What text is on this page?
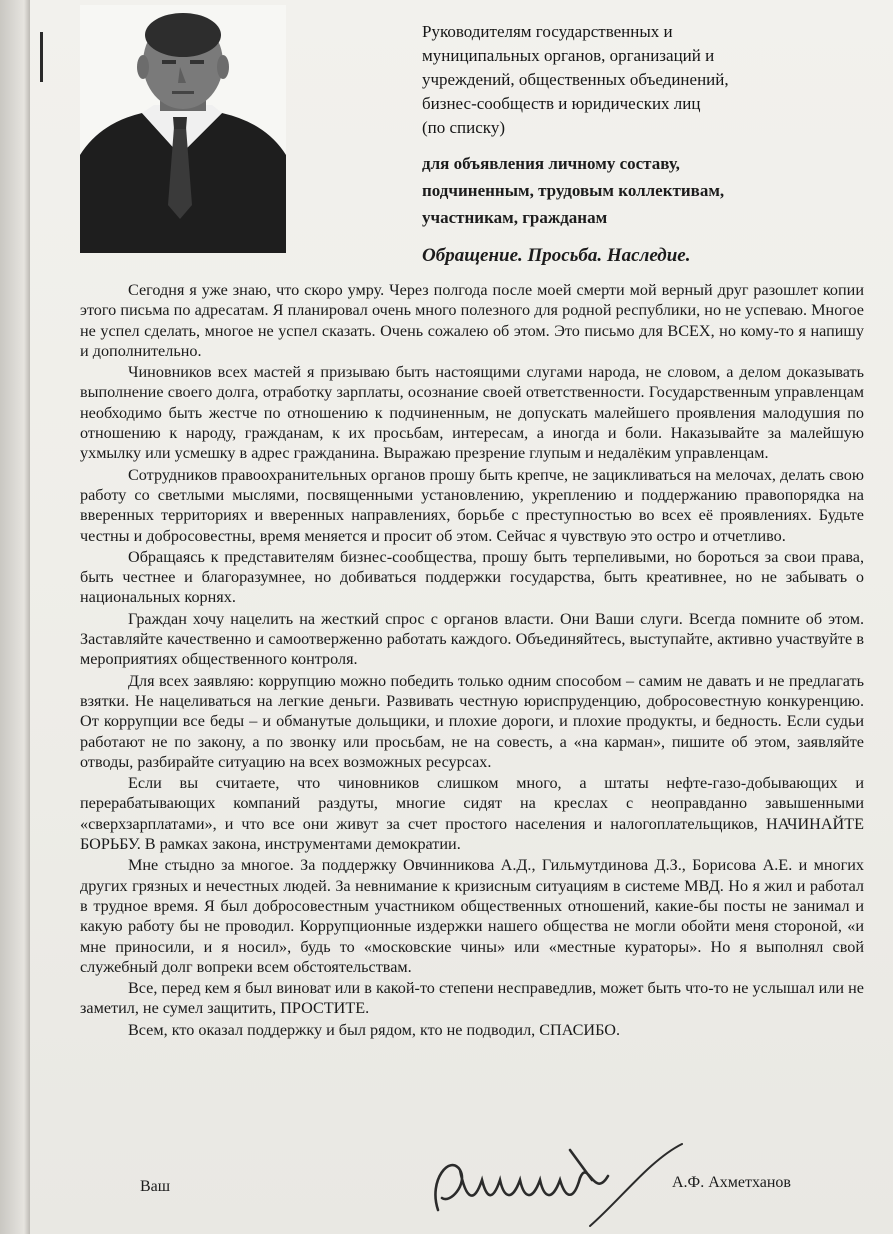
Руководителям государственных и
муниципальных органов, организаций и
учреждений, общественных объединений,
бизнес-сообществ и юридических лиц
(по списку)
для объявления личному составу,
подчиненным, трудовым коллективам,
участникам, гражданам
Обращение. Просьба. Наследие.

Сегодня я уже знаю, что скоро умру. Через полгода после моей смерти мой верный друг разошлет копии этого письма по адресатам. Я планировал очень много полезного для родной республики, но не успеваю. Многое не успел сделать, многое не успел сказать. Очень сожалею об этом. Это письмо для ВСЕХ, но кому-то я напишу и дополнительно.

Чиновников всех мастей я призываю быть настоящими слугами народа, не словом, а делом доказывать выполнение своего долга, отработку зарплаты, осознание своей ответственности. Государственным управленцам необходимо быть жестче по отношению к подчиненным, не допускать малейшего проявления малодушия по отношению к народу, гражданам, к их просьбам, интересам, а иногда и боли. Наказывайте за малейшую ухмылку или усмешку в адрес гражданина. Выражаю презрение глупым и недалёким управленцам.

Сотрудников правоохранительных органов прошу быть крепче, не зацикливаться на мелочах, делать свою работу со светлыми мыслями, посвященными установлению, укреплению и поддержанию правопорядка на вверенных территориях и вверенных направлениях, борьбе с преступностью во всех её проявлениях. Будьте честны и добросовестны, время меняется и просит об этом. Сейчас я чувствую это остро и отчетливо.

Обращаясь к представителям бизнес-сообщества, прошу быть терпеливыми, но бороться за свои права, быть честнее и благоразумнее, но добиваться поддержки государства, быть креативнее, но не забывать о национальных корнях.

Граждан хочу нацелить на жесткий спрос с органов власти. Они Ваши слуги. Всегда помните об этом. Заставляйте качественно и самоотверженно работать каждого. Объединяйтесь, выступайте, активно участвуйте в мероприятиях общественного контроля.

Для всех заявляю: коррупцию можно победить только одним способом – самим не давать и не предлагать взятки. Не нацеливаться на легкие деньги. Развивать честную юриспруденцию, добросовестную конкуренцию. От коррупции все беды – и обманутые дольщики, и плохие дороги, и плохие продукты, и бедность. Если судьи работают не по закону, а по звонку или просьбам, не на совесть, а «на карман», пишите об этом, заявляйте отводы, разбирайте ситуацию на всех возможных ресурсах.

Если вы считаете, что чиновников слишком много, а штаты нефте-газо-добывающих и перерабатывающих компаний раздуты, многие сидят на креслах с неоправданно завышенными «сверхзарплатами», и что все они живут за счет простого населения и налогоплательщиков, НАЧИНАЙТЕ БОРЬБУ. В рамках закона, инструментами демократии.

Мне стыдно за многое. За поддержку Овчинникова А.Д., Гильмутдинова Д.З., Борисова А.Е. и многих других грязных и нечестных людей. За невнимание к кризисным ситуациям в системе МВД. Но я жил и работал в трудное время. Я был добросовестным участником общественных отношений, какие-бы посты не занимал и какую работу бы не проводил. Коррупционные издержки нашего общества не могли обойти меня стороной, «и мне приносили, и я носил», будь то «московские чины» или «местные кураторы». Но я выполнял свой служебный долг вопреки всем обстоятельствам.

Все, перед кем я был виноват или в какой-то степени несправедлив, может быть что-то не услышал или не заметил, не сумел защитить, ПРОСТИТЕ.

Всем, кто оказал поддержку и был рядом, кто не подводил, СПАСИБО.

Ваш	А.Ф. Ахметханов
